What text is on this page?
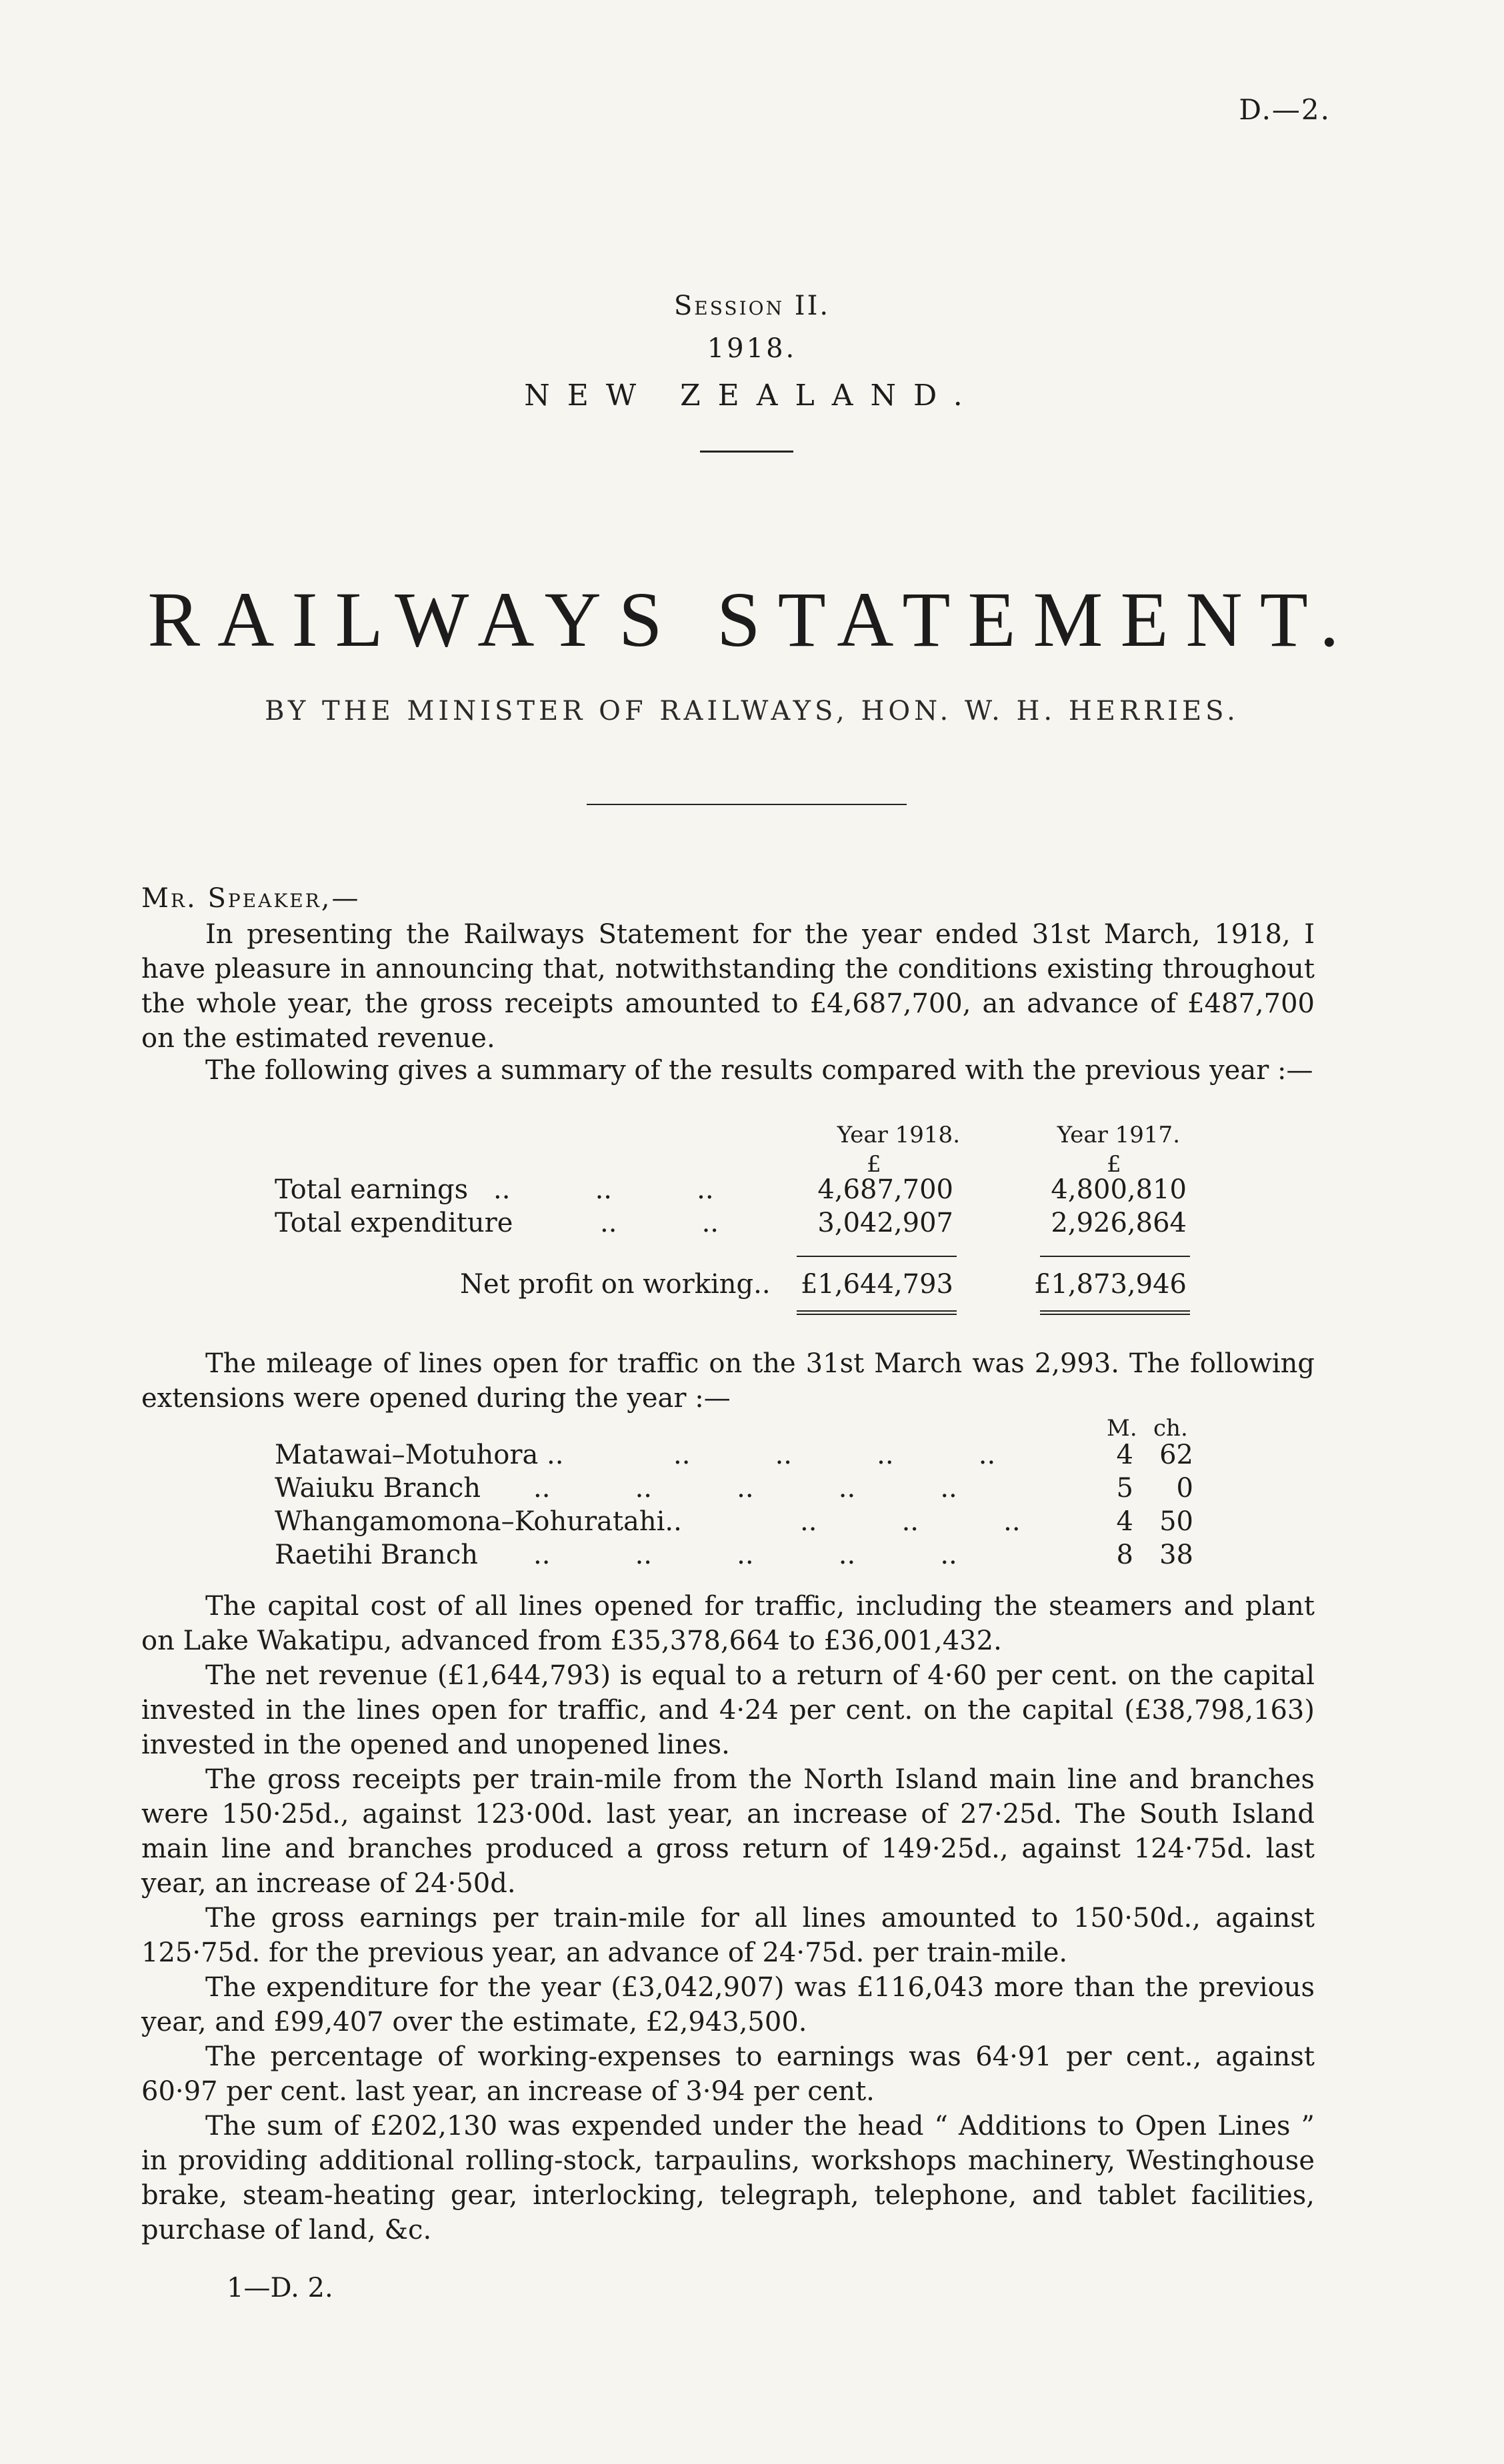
D.—2.
Session II.
1918.
NEW ZEALAND.
RAILWAYS STATEMENT.
BY THE MINISTER OF RAILWAYS, HON. W. H. HERRIES.
Mr. Speaker,—
In presenting the Railways Statement for the year ended 31st March, 1918, I have pleasure in announcing that, notwithstanding the conditions existing throughout the whole year, the gross receipts amounted to £4,687,700, an advance of £487,700 on the estimated revenue.
The following gives a summary of the results compared with the previous year :—
Year 1918.	Year 1917.
£	£
Total earnings ..          ..          ..	4,687,700	4,800,810
Total expenditure	..          ..	3,042,907	2,926,864
Net profit on working..	£1,644,793	£1,873,946
The mileage of lines open for traffic on the 31st March was 2,993. The following extensions were opened during the year :—
M. ch.
Matawai–Motuhora ..	..          ..          ..          ..	4 62
Waiuku Branch ..          ..          ..          ..          ..	5	0
Whangamomona–Kohuratahi..	..          ..          ..	4 50
Raetihi Branch ..          ..          ..          ..          ..	8 38
The capital cost of all lines opened for traffic, including the steamers and plant on Lake Wakatipu, advanced from £35,378,664 to £36,001,432.
The net revenue (£1,644,793) is equal to a return of 4·60 per cent. on the capital invested in the lines open for traffic, and 4·24 per cent. on the capital (£38,798,163) invested in the opened and unopened lines.
The gross receipts per train-mile from the North Island main line and branches were 150·25d., against 123·00d. last year, an increase of 27·25d. The South Island main line and branches produced a gross return of 149·25d., against 124·75d. last year, an increase of 24·50d.
The gross earnings per train-mile for all lines amounted to 150·50d., against 125·75d. for the previous year, an advance of 24·75d. per train-mile.
The expenditure for the year (£3,042,907) was £116,043 more than the previous year, and £99,407 over the estimate, £2,943,500.
The percentage of working-expenses to earnings was 64·91 per cent., against 60·97 per cent. last year, an increase of 3·94 per cent.
The sum of £202,130 was expended under the head “ Additions to Open Lines ” in providing additional rolling-stock, tarpaulins, workshops machinery, Westinghouse brake, steam-heating gear, interlocking, telegraph, telephone, and tablet facilities, purchase of land, &c.
1—D. 2.
